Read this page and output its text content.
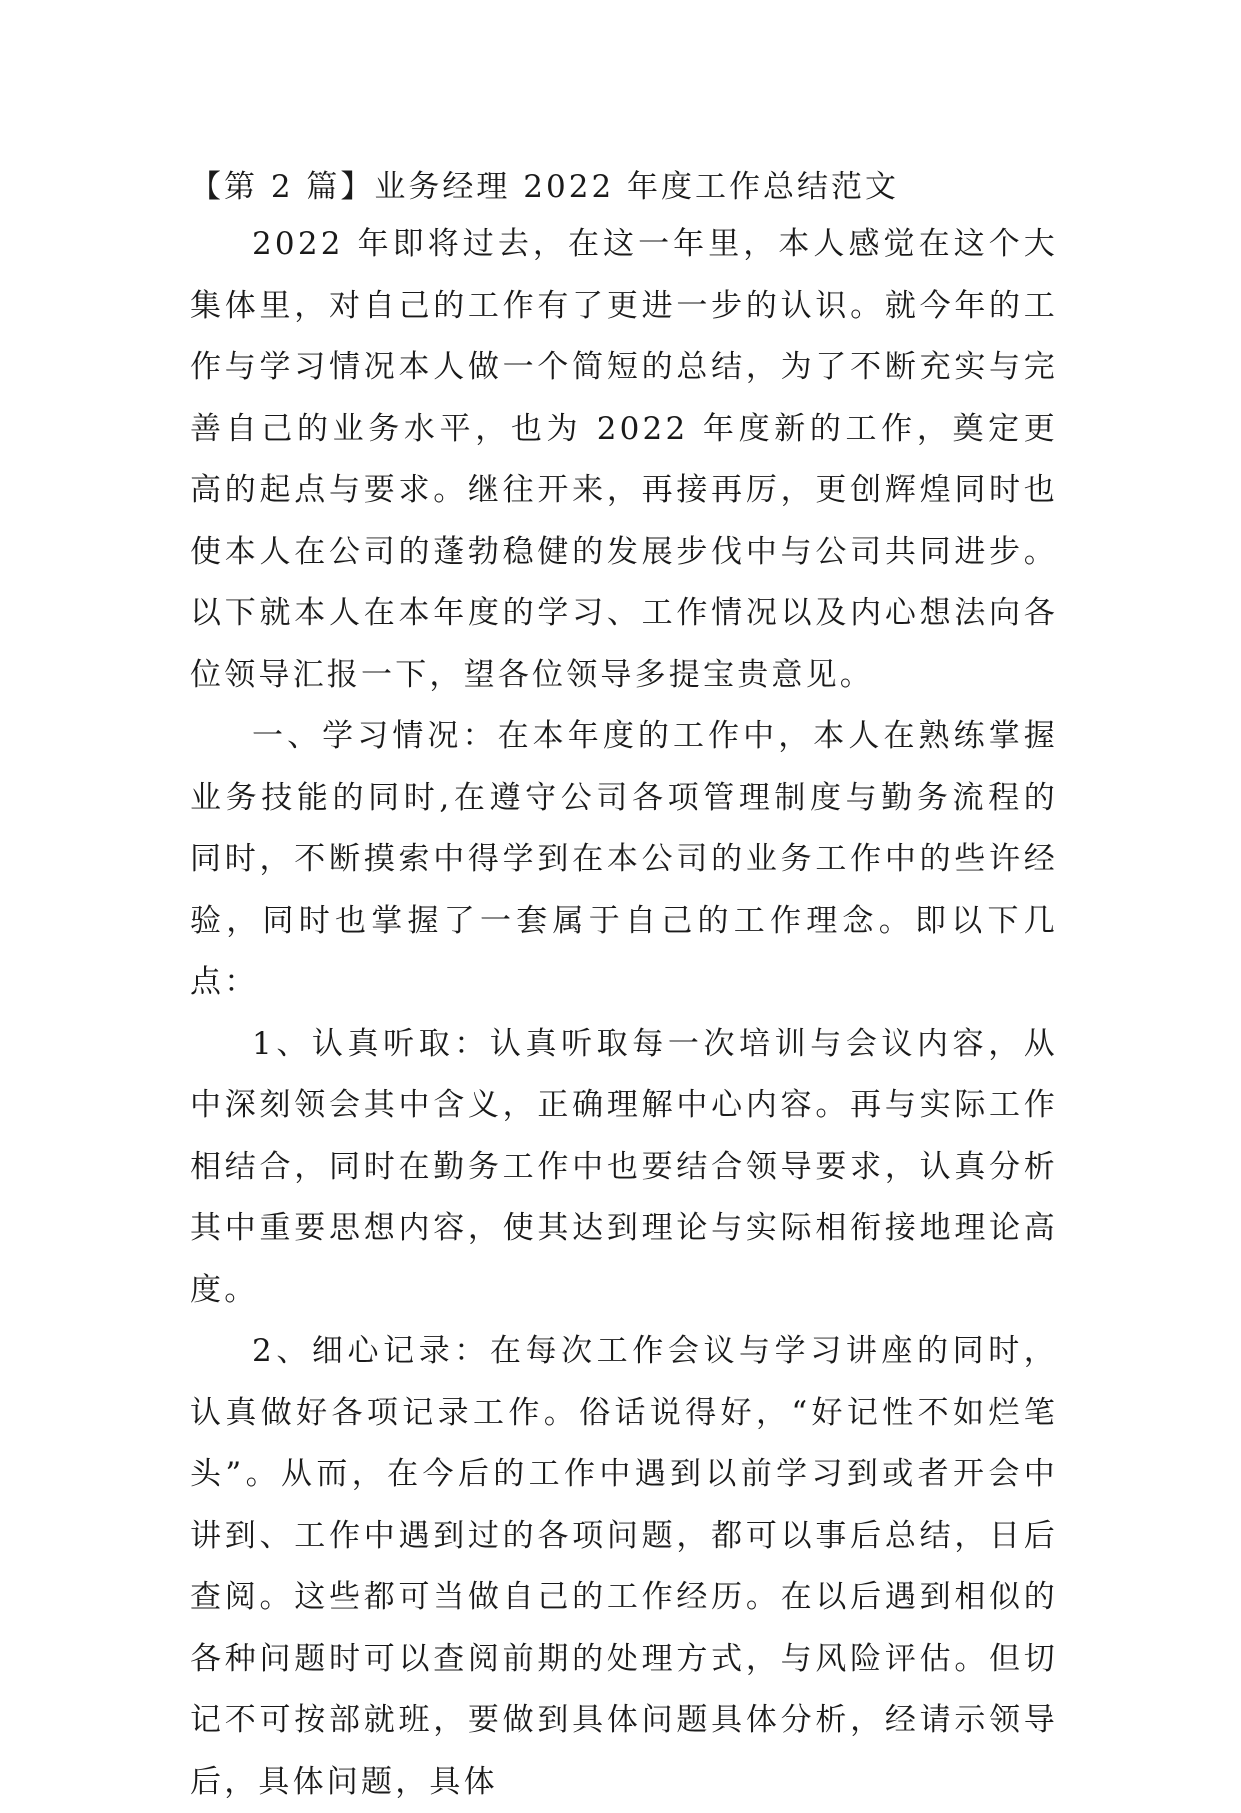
【第 2 篇】业务经理 2022 年度工作总结范文

2022 年即将过去，在这一年里，本人感觉在这个大集体里，对自己的工作有了更进一步的认识。就今年的工作与学习情况本人做一个简短的总结，为了不断充实与完善自己的业务水平，也为 2022 年度新的工作，奠定更高的起点与要求。继往开来，再接再厉，更创辉煌同时也使本人在公司的蓬勃稳健的发展步伐中与公司共同进步。以下就本人在本年度的学习、工作情况以及内心想法向各位领导汇报一下，望各位领导多提宝贵意见。

一、学习情况：在本年度的工作中，本人在熟练掌握业务技能的同时,在遵守公司各项管理制度与勤务流程的同时，不断摸索中得学到在本公司的业务工作中的些许经验，同时也掌握了一套属于自己的工作理念。即以下几点：

1、认真听取：认真听取每一次培训与会议内容，从中深刻领会其中含义，正确理解中心内容。再与实际工作相结合，同时在勤务工作中也要结合领导要求，认真分析其中重要思想内容，使其达到理论与实际相衔接地理论高度。

2、细心记录：在每次工作会议与学习讲座的同时，认真做好各项记录工作。俗话说得好，“好记性不如烂笔头”。从而，在今后的工作中遇到以前学习到或者开会中讲到、工作中遇到过的各项问题，都可以事后总结，日后查阅。这些都可当做自己的工作经历。在以后遇到相似的各种问题时可以查阅前期的处理方式，与风险评估。但切记不可按部就班，要做到具体问题具体分析，经请示领导后，具体问题，具体
